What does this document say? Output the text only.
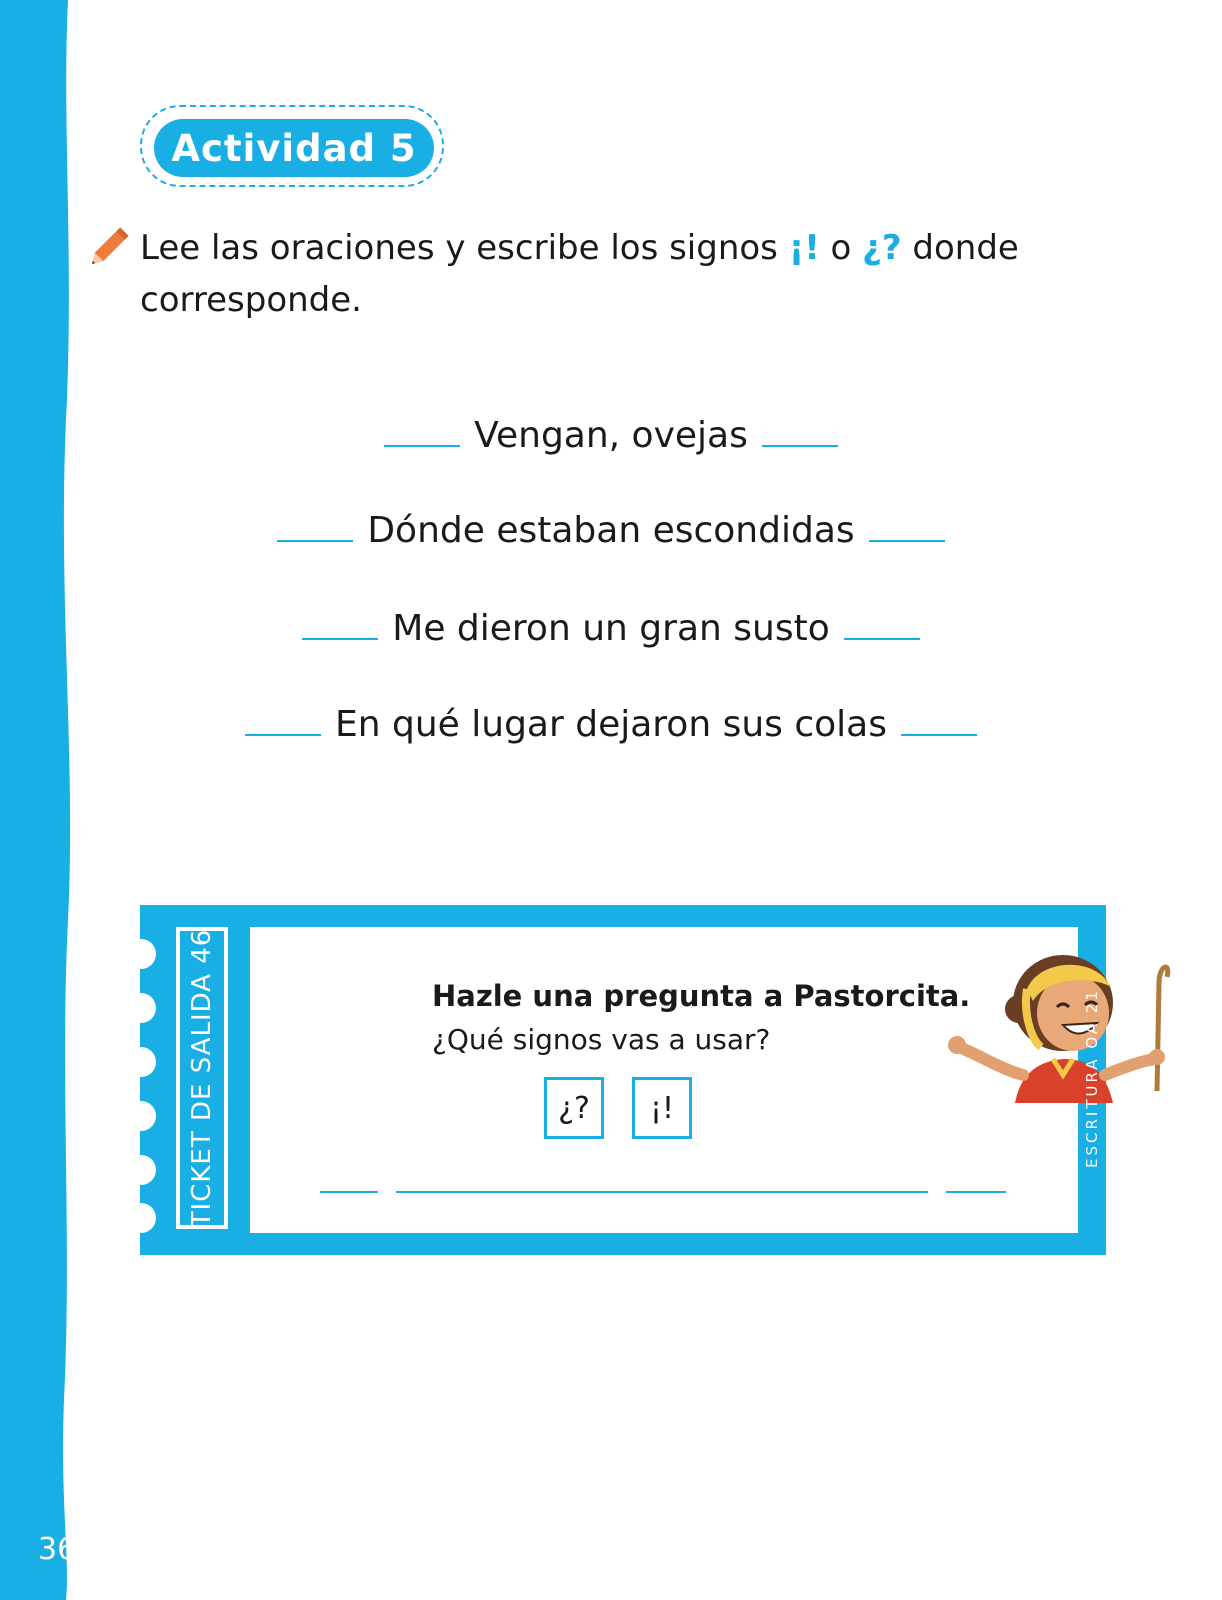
36
Actividad 5
Lee las oraciones y escribe los signos ¡! o ¿? donde corresponde.
Vengan, ovejas
Dónde estaban escondidas
Me dieron un gran susto
En qué lugar dejaron sus colas
TICKET DE SALIDA 46	Hazle una pregunta a Pastorcita.
¿Qué signos vas a usar?
¿?	¡!	ESCRITURA OA 21
